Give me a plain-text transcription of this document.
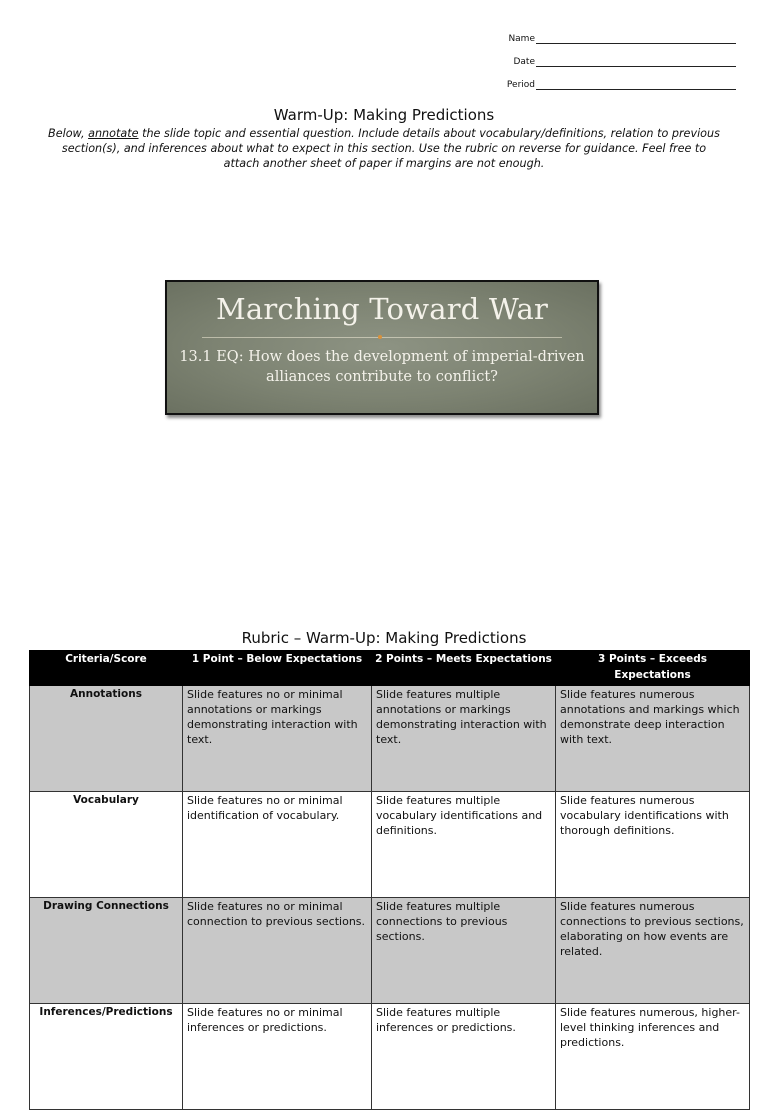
Name
Date
Period
Warm-Up: Making Predictions
Below, annotate the slide topic and essential question. Include details about vocabulary/definitions, relation to previous section(s), and inferences about what to expect in this section. Use the rubric on reverse for guidance. Feel free to attach another sheet of paper if margins are not enough.
Marching Toward War
13.1 EQ: How does the development of imperial-driven
alliances contribute to conflict?
Rubric – Warm-Up: Making Predictions
Criteria/Score	1 Point – Below Expectations	2 Points – Meets Expectations	3 Points – Exceeds Expectations
Annotations	Slide features no or minimal annotations or markings demonstrating interaction with text.	Slide features multiple annotations or markings demonstrating interaction with text.	Slide features numerous annotations and markings which demonstrate deep interaction with text.
Vocabulary	Slide features no or minimal identification of vocabulary.	Slide features multiple vocabulary identifications and definitions.	Slide features numerous vocabulary identifications with thorough definitions.
Drawing Connections	Slide features no or minimal connection to previous sections.	Slide features multiple connections to previous sections.	Slide features numerous connections to previous sections, elaborating on how events are related.
Inferences/Predictions	Slide features no or minimal inferences or predictions.	Slide features multiple inferences or predictions.	Slide features numerous, higher-level thinking inferences and predictions.
